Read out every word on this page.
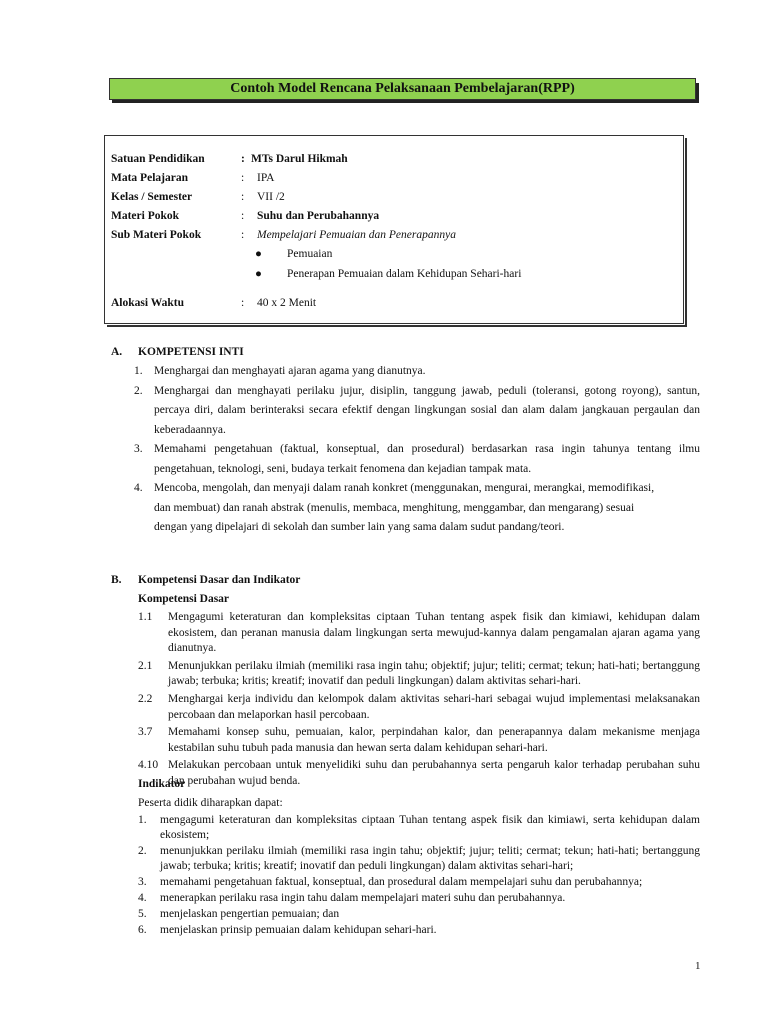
Contoh Model Rencana Pelaksanaan Pembelajaran(RPP)
Satuan Pendidikan	: MTs Darul Hikmah
Mata Pelajaran	: IPA
Kelas / Semester	: VII /2
Materi Pokok	: Suhu dan Perubahannya
Sub Materi Pokok	: Mempelajari Pemuaian dan Penerapannya
● Pemuaian
● Penerapan Pemuaian dalam Kehidupan Sehari-hari
Alokasi Waktu	: 40 x 2 Menit
A. KOMPETENSI INTI
1. Menghargai dan menghayati ajaran agama yang dianutnya.
2. Menghargai dan menghayati perilaku jujur, disiplin, tanggung jawab, peduli (toleransi, gotong royong), santun, percaya diri, dalam berinteraksi secara efektif dengan lingkungan sosial dan alam dalam jangkauan pergaulan dan keberadaannya.
3. Memahami pengetahuan (faktual, konseptual, dan prosedural) berdasarkan rasa ingin tahunya tentang ilmu pengetahuan, teknologi, seni, budaya terkait fenomena dan kejadian tampak mata.
4. Mencoba, mengolah, dan menyaji dalam ranah konkret (menggunakan, mengurai, merangkai, memodifikasi, dan membuat) dan ranah abstrak (menulis, membaca, menghitung, menggambar, dan mengarang) sesuai dengan yang dipelajari di sekolah dan sumber lain yang sama dalam sudut pandang/teori.
B. Kompetensi Dasar dan Indikator
Kompetensi Dasar
1.1 Mengagumi keteraturan dan kompleksitas ciptaan Tuhan tentang aspek fisik dan kimiawi, kehidupan dalam ekosistem, dan peranan manusia dalam lingkungan serta mewujud-kannya dalam pengamalan ajaran agama yang dianutnya.
2.1 Menunjukkan perilaku ilmiah (memiliki rasa ingin tahu; objektif; jujur; teliti; cermat; tekun; hati-hati; bertanggung jawab; terbuka; kritis; kreatif; inovatif dan peduli lingkungan) dalam aktivitas sehari-hari.
2.2 Menghargai kerja individu dan kelompok dalam aktivitas sehari-hari sebagai wujud implementasi melaksanakan percobaan dan melaporkan hasil percobaan.
3.7 Memahami konsep suhu, pemuaian, kalor, perpindahan kalor, dan penerapannya dalam mekanisme menjaga kestabilan suhu tubuh pada manusia dan hewan serta dalam kehidupan sehari-hari.
4.10 Melakukan percobaan untuk menyelidiki suhu dan perubahannya serta pengaruh kalor terhadap perubahan suhu dan perubahan wujud benda.
Indikator
Peserta didik diharapkan dapat:
1. mengagumi keteraturan dan kompleksitas ciptaan Tuhan tentang aspek fisik dan kimiawi, serta kehidupan dalam ekosistem;
2. menunjukkan perilaku ilmiah (memiliki rasa ingin tahu; objektif; jujur; teliti; cermat; tekun; hati-hati; bertanggung jawab; terbuka; kritis; kreatif; inovatif dan peduli lingkungan) dalam aktivitas sehari-hari;
3. memahami pengetahuan faktual, konseptual, dan prosedural dalam mempelajari suhu dan perubahannya;
4. menerapkan perilaku rasa ingin tahu dalam mempelajari materi suhu dan perubahannya.
5. menjelaskan pengertian pemuaian; dan
6. menjelaskan prinsip pemuaian dalam kehidupan sehari-hari.
1
